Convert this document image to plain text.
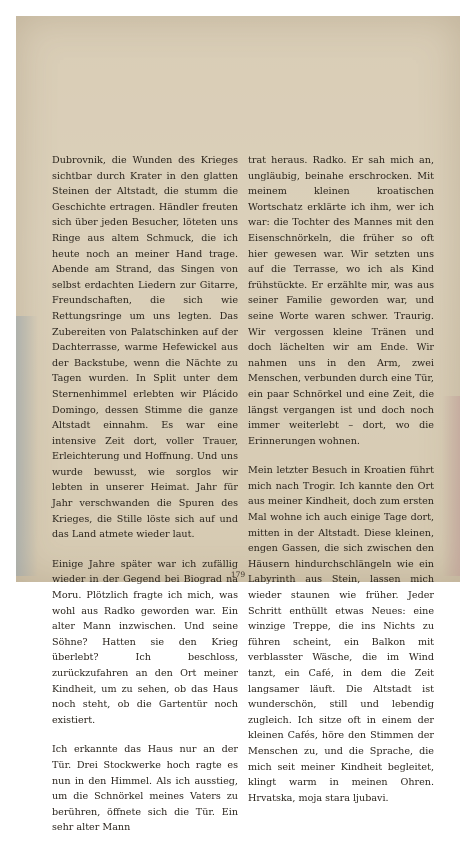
Dubrovnik, die Wunden des Krieges sichtbar durch Krater in den glatten Steinen der Altstadt, die stumm die Geschichte ertragen. Händler freuten sich über jeden Besucher, löteten uns Ringe aus altem Schmuck, die ich heute noch an meiner Hand trage. Abende am Strand, das Singen von selbst erdachten Liedern zur Gitarre, Freundschaften, die sich wie Rettungsringe um uns legten. Das Zubereiten von Palatschinken auf der Dachterrasse, warme Hefewickel aus der Backstube, wenn die Nächte zu Tagen wurden. In Split unter dem Sternenhimmel erlebten wir Plácido Domingo, dessen Stimme die ganze Altstadt einnahm. Es war eine intensive Zeit dort, voller Trauer, Erleichterung und Hoffnung. Und uns wurde bewusst, wie sorglos wir lebten in unserer Heimat. Jahr für Jahr verschwanden die Spuren des Krieges, die Stille löste sich auf und das Land atmete wieder laut.

Einige Jahre später war ich zufällig wieder in der Gegend bei Biograd na Moru. Plötzlich fragte ich mich, was wohl aus Radko geworden war. Ein alter Mann inzwischen. Und seine Söhne? Hatten sie den Krieg überlebt? Ich beschloss, zurückzufahren an den Ort meiner Kindheit, um zu sehen, ob das Haus noch steht, ob die Gartentür noch existiert.

Ich erkannte das Haus nur an der Tür. Drei Stockwerke hoch ragte es nun in den Himmel. Als ich ausstieg, um die Schnörkel meines Vaters zu berühren, öffnete sich die Tür. Ein sehr alter Mann

trat heraus. Radko. Er sah mich an, ungläubig, beinahe erschrocken. Mit meinem kleinen kroatischen Wortschatz erklärte ich ihm, wer ich war: die Tochter des Mannes mit den Eisenschnörkeln, die früher so oft hier gewesen war. Wir setzten uns auf die Terrasse, wo ich als Kind frühstückte. Er erzählte mir, was aus seiner Familie geworden war, und seine Worte waren schwer. Traurig. Wir vergossen kleine Tränen und doch lächelten wir am Ende. Wir nahmen uns in den Arm, zwei Menschen, verbunden durch eine Tür, ein paar Schnörkel und eine Zeit, die längst vergangen ist und doch noch immer weiterlebt – dort, wo die Erinnerungen wohnen.

Mein letzter Besuch in Kroatien führt mich nach Trogir. Ich kannte den Ort aus meiner Kindheit, doch zum ersten Mal wohne ich auch einige Tage dort, mitten in der Altstadt. Diese kleinen, engen Gassen, die sich zwischen den Häusern hindurchschlängeln wie ein Labyrinth aus Stein, lassen mich wieder staunen wie früher. Jeder Schritt enthüllt etwas Neues: eine winzige Treppe, die ins Nichts zu führen scheint, ein Balkon mit verblasster Wäsche, die im Wind tanzt, ein Café, in dem die Zeit langsamer läuft. Die Altstadt ist wunderschön, still und lebendig zugleich. Ich sitze oft in einem der kleinen Cafés, höre den Stimmen der Menschen zu, und die Sprache, die mich seit meiner Kindheit begleitet, klingt warm in meinen Ohren. Hrvatska, moja stara ljubavi.

179
